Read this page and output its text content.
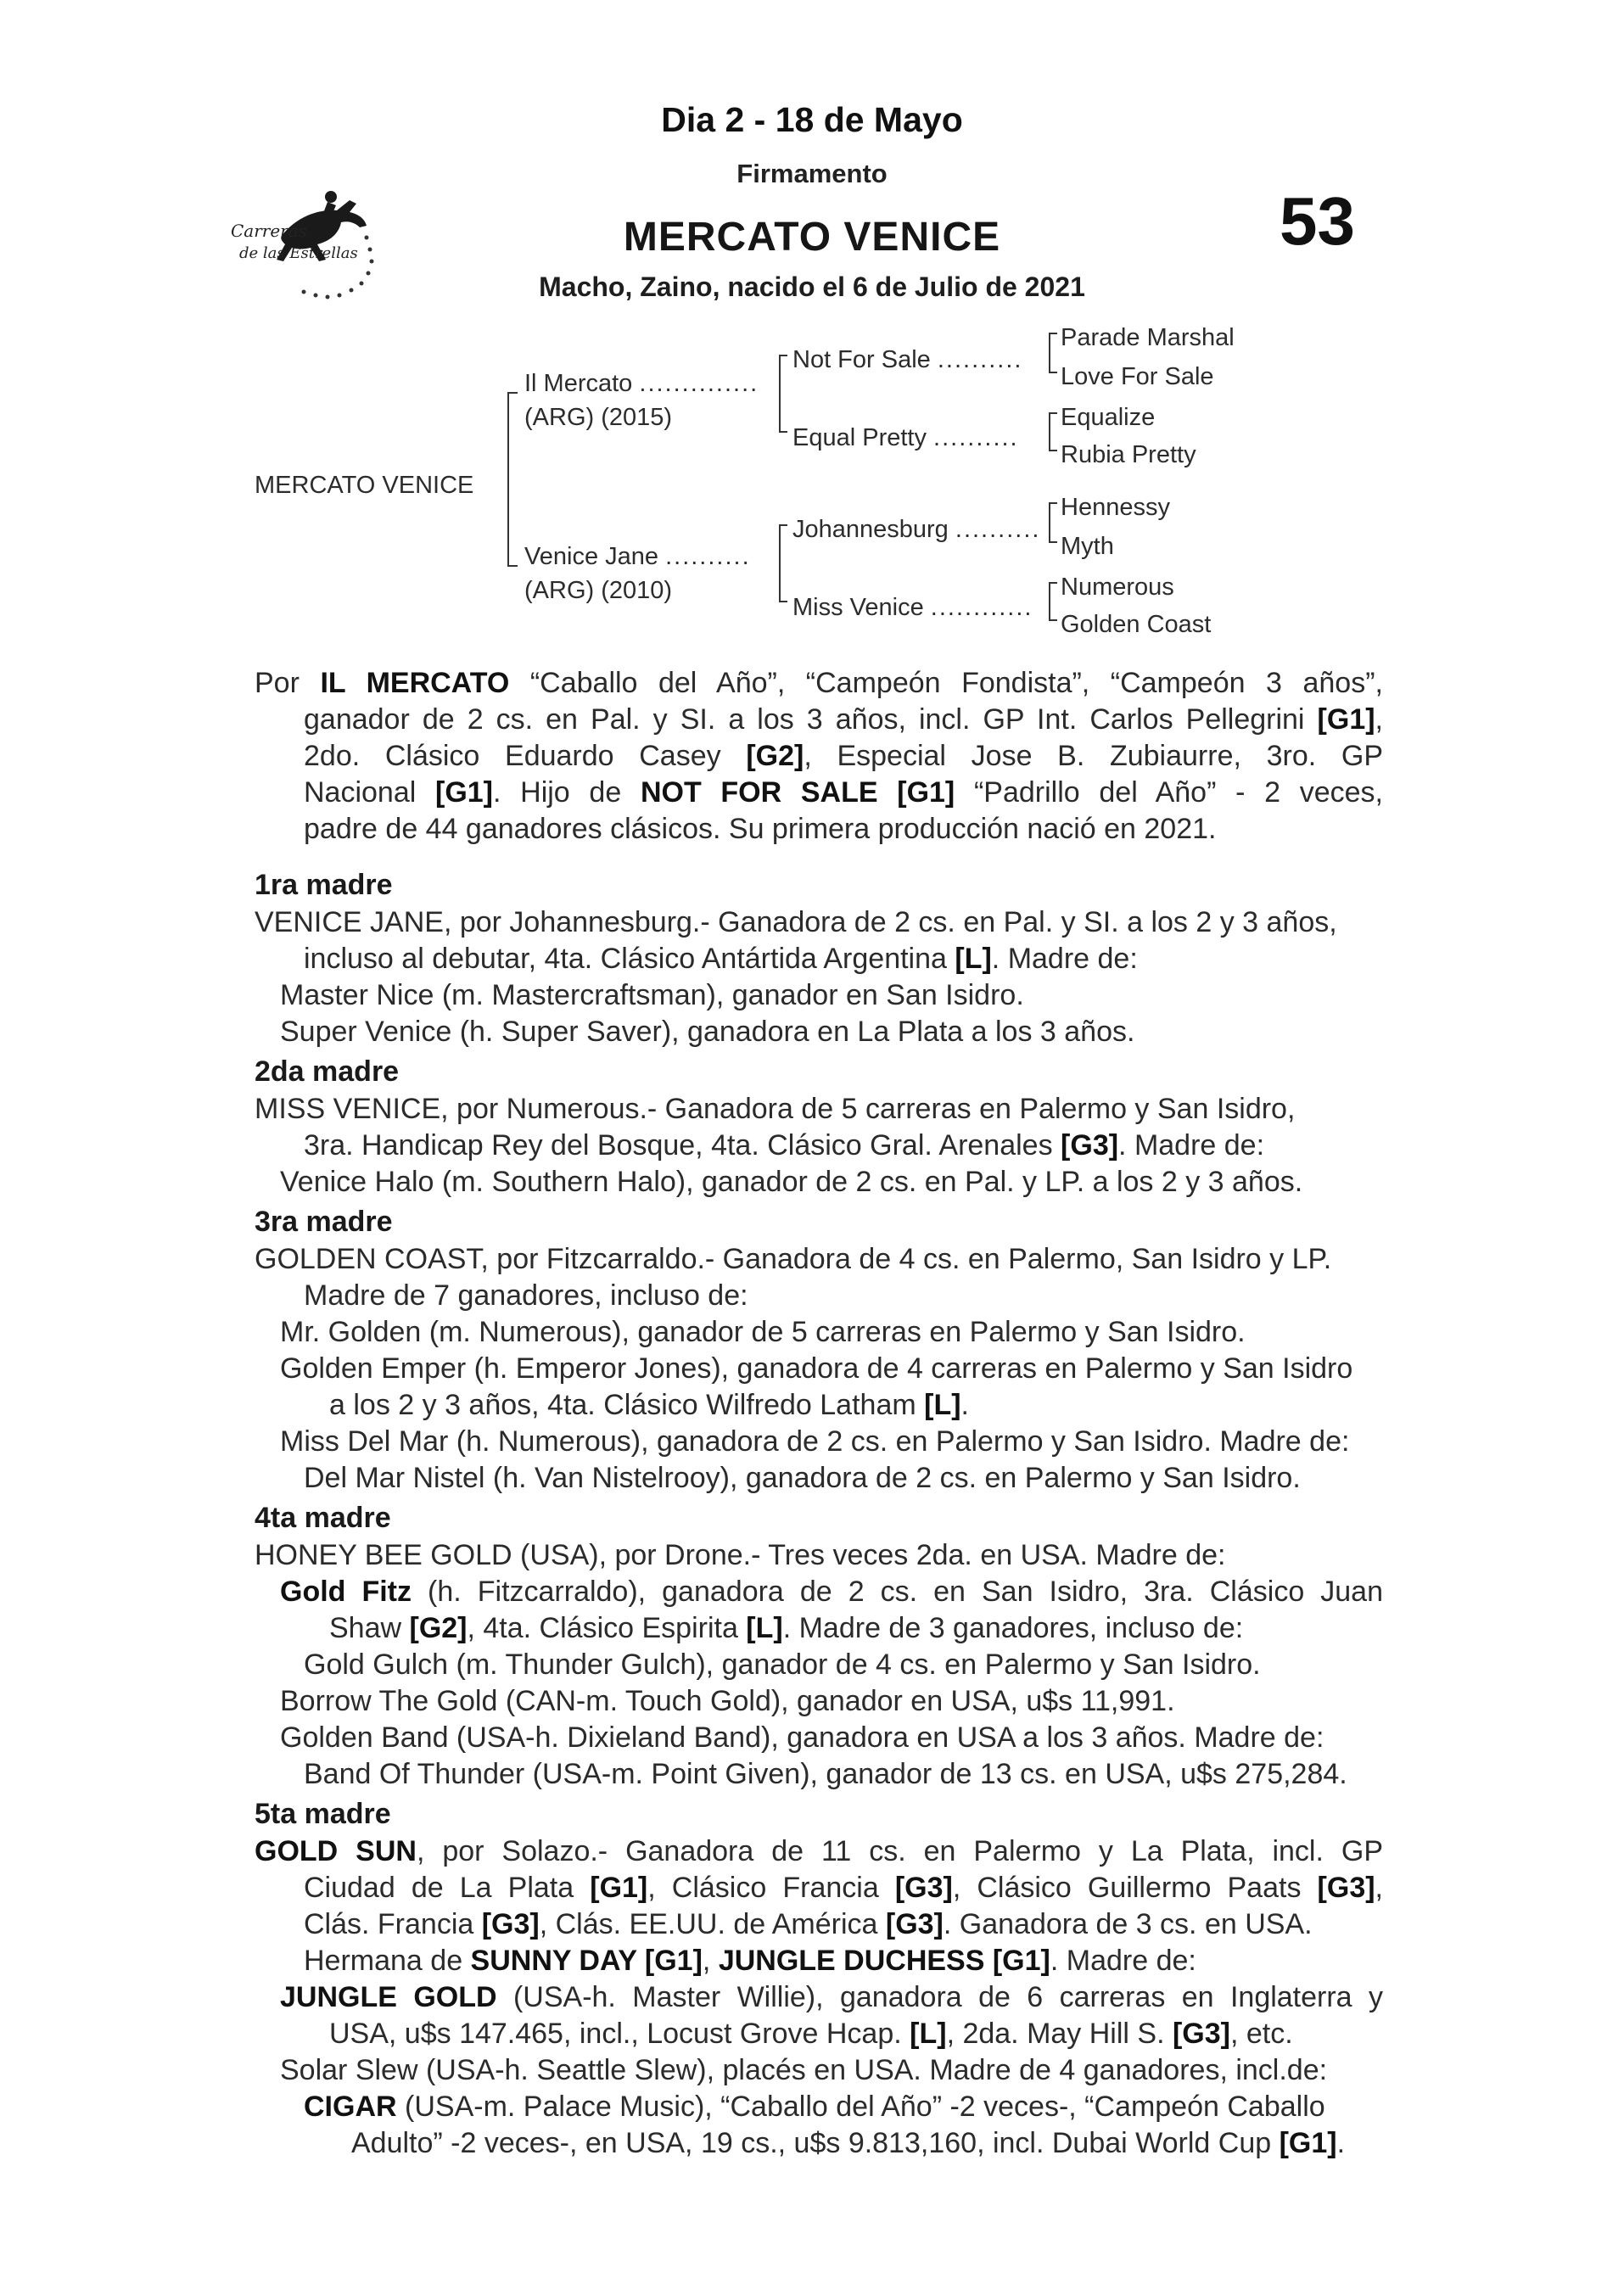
Dia 2 - 18 de Mayo
Firmamento
MERCATO VENICE
Macho, Zaino, nacido el 6 de Julio de 2021
53
Carreras
de las Estrellas
MERCATO VENICE
Il Mercato ..............
(ARG) (2015)
Venice Jane ..........
(ARG) (2010)
Not For Sale ..........
Equal Pretty ..........
Johannesburg ..........
Miss Venice ............
Parade Marshal
Love For Sale
Equalize
Rubia Pretty
Hennessy
Myth
Numerous
Golden Coast
Por IL MERCATO “Caballo del Año”, “Campeón Fondista”, “Campeón 3 años”,
ganador de 2 cs. en Pal. y SI. a los 3 años, incl. GP Int. Carlos Pellegrini [G1],
2do. Clásico Eduardo Casey [G2], Especial Jose B. Zubiaurre, 3ro. GP
Nacional [G1]. Hijo de NOT FOR SALE [G1] “Padrillo del Año” - 2 veces,
padre de 44 ganadores clásicos. Su primera producción nació en 2021.
1ra madre
VENICE JANE, por Johannesburg.- Ganadora de 2 cs. en Pal. y SI. a los 2 y 3 años,
incluso al debutar, 4ta. Clásico Antártida Argentina [L]. Madre de:
Master Nice (m. Mastercraftsman), ganador en San Isidro.
Super Venice (h. Super Saver), ganadora en La Plata a los 3 años.
2da madre
MISS VENICE, por Numerous.- Ganadora de 5 carreras en Palermo y San Isidro,
3ra. Handicap Rey del Bosque, 4ta. Clásico Gral. Arenales [G3]. Madre de:
Venice Halo (m. Southern Halo), ganador de 2 cs. en Pal. y LP. a los 2 y 3 años.
3ra madre
GOLDEN COAST, por Fitzcarraldo.- Ganadora de 4 cs. en Palermo, San Isidro y LP.
Madre de 7 ganadores, incluso de:
Mr. Golden (m. Numerous), ganador de 5 carreras en Palermo y San Isidro.
Golden Emper (h. Emperor Jones), ganadora de 4 carreras en Palermo y San Isidro
a los 2 y 3 años, 4ta. Clásico Wilfredo Latham [L].
Miss Del Mar (h. Numerous), ganadora de 2 cs. en Palermo y San Isidro. Madre de:
Del Mar Nistel (h. Van Nistelrooy), ganadora de 2 cs. en Palermo y San Isidro.
4ta madre
HONEY BEE GOLD (USA), por Drone.- Tres veces 2da. en USA. Madre de:
Gold Fitz (h. Fitzcarraldo), ganadora de 2 cs. en San Isidro, 3ra. Clásico Juan
Shaw [G2], 4ta. Clásico Espirita [L]. Madre de 3 ganadores, incluso de:
Gold Gulch (m. Thunder Gulch), ganador de 4 cs. en Palermo y San Isidro.
Borrow The Gold (CAN-m. Touch Gold), ganador en USA, u$s 11,991.
Golden Band (USA-h. Dixieland Band), ganadora en USA a los 3 años. Madre de:
Band Of Thunder (USA-m. Point Given), ganador de 13 cs. en USA, u$s 275,284.
5ta madre
GOLD SUN, por Solazo.- Ganadora de 11 cs. en Palermo y La Plata, incl. GP
Ciudad de La Plata [G1], Clásico Francia [G3], Clásico Guillermo Paats [G3],
Clás. Francia [G3], Clás. EE.UU. de América [G3]. Ganadora de 3 cs. en USA.
Hermana de SUNNY DAY [G1], JUNGLE DUCHESS [G1]. Madre de:
JUNGLE GOLD (USA-h. Master Willie), ganadora de 6 carreras en Inglaterra y
USA, u$s 147.465, incl., Locust Grove Hcap. [L], 2da. May Hill S. [G3], etc.
Solar Slew (USA-h. Seattle Slew), placés en USA. Madre de 4 ganadores, incl.de:
CIGAR (USA-m. Palace Music), “Caballo del Año” -2 veces-, “Campeón Caballo
Adulto” -2 veces-, en USA, 19 cs., u$s 9.813,160, incl. Dubai World Cup [G1].
